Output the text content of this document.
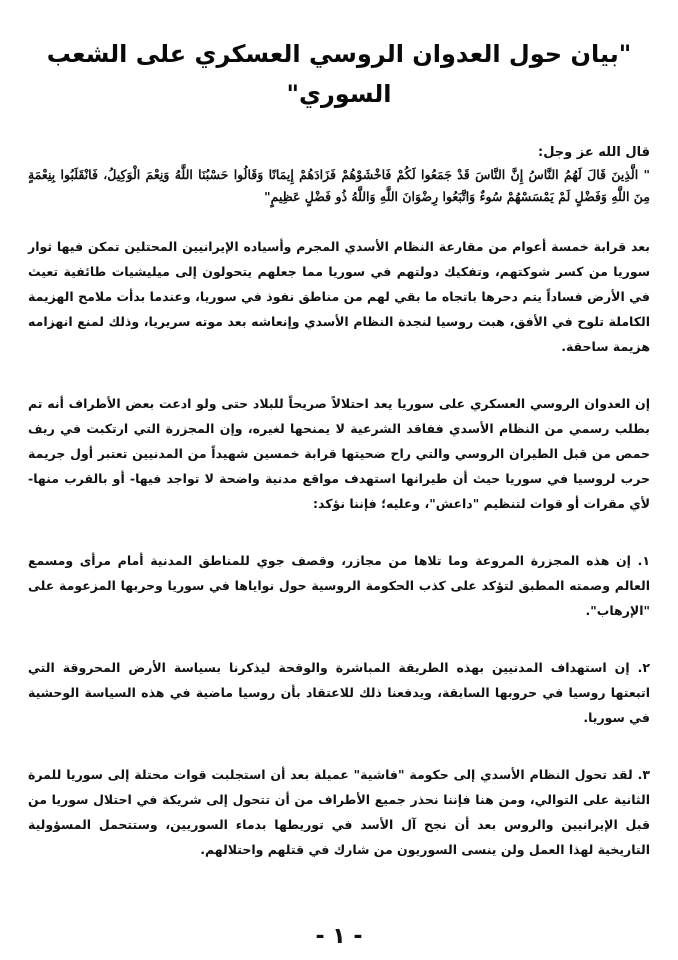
"بيان حول العدوان الروسي العسكري على الشعب السوري"

قال الله عز وجل:

" الَّذِينَ قَالَ لَهُمُ النَّاسُ إِنَّ النَّاسَ قَدْ جَمَعُوا لَكُمْ فَاخْشَوْهُمْ فَزَادَهُمْ إِيمَانًا وَقَالُوا حَسْبُنَا اللَّهُ وَنِعْمَ الْوَكِيلُ، فَانْقَلَبُوا بِنِعْمَةٍ مِنَ اللَّهِ وَفَضْلٍ لَمْ يَمْسَسْهُمْ سُوءٌ وَاتَّبَعُوا رِضْوَانَ اللَّهِ وَاللَّهُ ذُو فَضْلٍ عَظِيمٍ"

بعد قرابة خمسة أعوام من مقارعة النظام الأسدي المجرم وأسياده الإيرانيين المحتلين تمكن فيها ثوار سوريا من كسر شوكتهم، وتفكيك دولتهم في سوريا مما جعلهم يتحولون إلى ميليشيات طائفية تعيث في الأرض فساداً يتم دحرها باتجاه ما بقي لهم من مناطق نفوذ في سوريا، وعندما بدأت ملامح الهزيمة الكاملة تلوح في الأفق، هبت روسيا لنجدة النظام الأسدي وإنعاشه بعد موته سريريا، وذلك لمنع انهزامه هزيمة ساحقة.

إن العدوان الروسي العسكري على سوريا يعد احتلالاً صريحاً للبلاد حتى ولو ادعت بعض الأطراف أنه تم بطلب رسمي من النظام الأسدي ففاقد الشرعية لا يمنحها لغيره، وإن المجزرة التي ارتكبت في ريف حمص من قبل الطيران الروسي والتي راح ضحيتها قرابة خمسين شهيداً من المدنيين تعتبر أول جريمة حرب لروسيا في سوريا حيث أن طيرانها استهدف مواقع مدنية واضحة لا تواجد فيها- أو بالقرب منها- لأي مقرات أو قوات لتنظيم "داعش"، وعليه؛ فإننا نؤكد:

١. إن هذه المجزرة المروعة وما تلاها من مجازر، وقصف جوي للمناطق المدنية أمام مرأى ومسمع العالم وصمته المطبق لتؤكد على كذب الحكومة الروسية حول نواياها في سوريا وحربها المزعومة على "الإرهاب".

٢. إن استهداف المدنيين بهذه الطريقة المباشرة والوقحة ليذكرنا بسياسة الأرض المحروقة التي اتبعتها روسيا في حروبها السابقة، ويدفعنا ذلك للاعتقاد بأن روسيا ماضية في هذه السياسة الوحشية في سوريا.

٣. لقد تحول النظام الأسدي إلى حكومة "فاشية" عميلة بعد أن استجلبت قوات محتلة إلى سوريا للمرة الثانية على التوالي، ومن هنا فإننا نحذر جميع الأطراف من أن تتحول إلى شريكة في احتلال سوريا من قبل الإيرانيين والروس بعد أن نجح آل الأسد في توريطها بدماء السوريين، وستتحمل المسؤولية التاريخية لهذا العمل ولن ينسى السوريون من شارك في قتلهم واحتلالهم.

- ١ -
